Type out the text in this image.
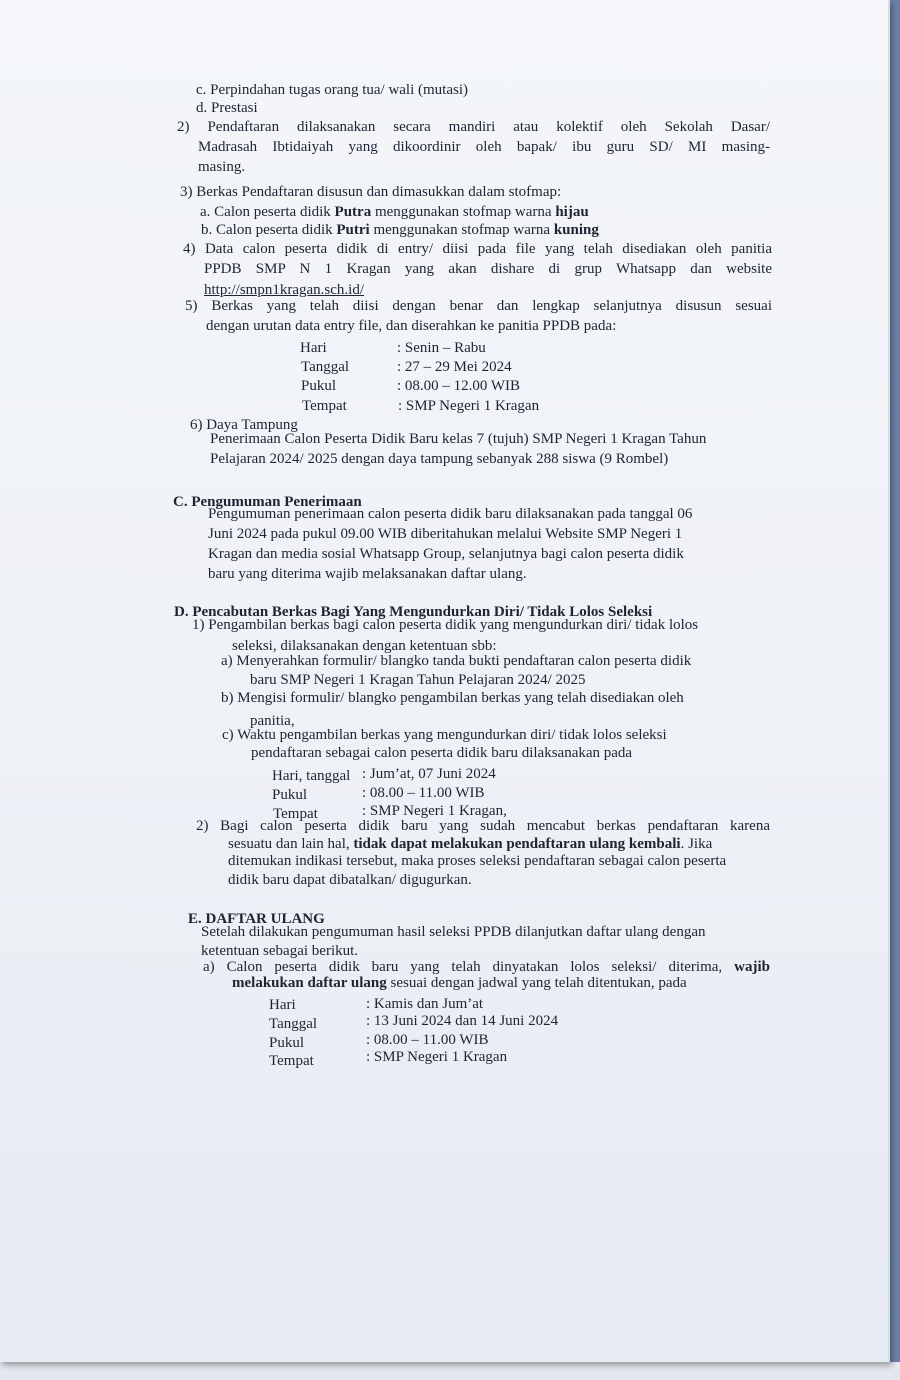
c. Perpindahan tugas orang tua/ wali (mutasi)
d. Prestasi
2) Pendaftaran dilaksanakan secara mandiri atau kolektif oleh Sekolah Dasar/
Madrasah Ibtidaiyah yang dikoordinir oleh bapak/ ibu guru SD/ MI masing-
masing.
3) Berkas Pendaftaran disusun dan dimasukkan dalam stofmap:
a. Calon peserta didik Putra menggunakan stofmap warna hijau
b. Calon peserta didik Putri menggunakan stofmap warna kuning
4) Data calon peserta didik di entry/ diisi pada file yang telah disediakan oleh panitia
PPDB SMP N 1 Kragan yang akan dishare di grup Whatsapp dan website
http://smpn1kragan.sch.id/
5) Berkas yang telah diisi dengan benar dan lengkap selanjutnya disusun sesuai
dengan urutan data entry file, dan diserahkan ke panitia PPDB pada:
Hari	: Senin – Rabu
Tanggal	: 27 – 29 Mei 2024
Pukul	: 08.00 – 12.00 WIB
Tempat	: SMP Negeri 1 Kragan
6) Daya Tampung
Penerimaan Calon Peserta Didik Baru kelas 7 (tujuh) SMP Negeri 1 Kragan Tahun
Pelajaran 2024/ 2025 dengan daya tampung sebanyak 288 siswa (9 Rombel)
C. Pengumuman Penerimaan
Pengumuman penerimaan calon peserta didik baru dilaksanakan pada tanggal 06
Juni 2024 pada pukul 09.00 WIB diberitahukan melalui Website SMP Negeri 1
Kragan dan media sosial Whatsapp Group, selanjutnya bagi calon peserta didik
baru yang diterima wajib melaksanakan daftar ulang.
D. Pencabutan Berkas Bagi Yang Mengundurkan Diri/ Tidak Lolos Seleksi
1) Pengambilan berkas bagi calon peserta didik yang mengundurkan diri/ tidak lolos
seleksi, dilaksanakan dengan ketentuan sbb:
a) Menyerahkan formulir/ blangko tanda bukti pendaftaran calon peserta didik
baru SMP Negeri 1 Kragan Tahun Pelajaran 2024/ 2025
b) Mengisi formulir/ blangko pengambilan berkas yang telah disediakan oleh
panitia,
c) Waktu pengambilan berkas yang mengundurkan diri/ tidak lolos seleksi
pendaftaran sebagai calon peserta didik baru dilaksanakan pada
Hari, tanggal : Jum’at, 07 Juni 2024
Pukul	: 08.00 – 11.00 WIB
Tempat	: SMP Negeri 1 Kragan,
2) Bagi calon peserta didik baru yang sudah mencabut berkas pendaftaran karena
sesuatu dan lain hal, tidak dapat melakukan pendaftaran ulang kembali. Jika
ditemukan indikasi tersebut, maka proses seleksi pendaftaran sebagai calon peserta
didik baru dapat dibatalkan/ digugurkan.
E. DAFTAR ULANG
Setelah dilakukan pengumuman hasil seleksi PPDB dilanjutkan daftar ulang dengan
ketentuan sebagai berikut.
a) Calon peserta didik baru yang telah dinyatakan lolos seleksi/ diterima, wajib
melakukan daftar ulang sesuai dengan jadwal yang telah ditentukan, pada
Hari	: Kamis dan Jum’at
Tanggal	: 13 Juni 2024 dan 14 Juni 2024
Pukul	: 08.00 – 11.00 WIB
Tempat	: SMP Negeri 1 Kragan
